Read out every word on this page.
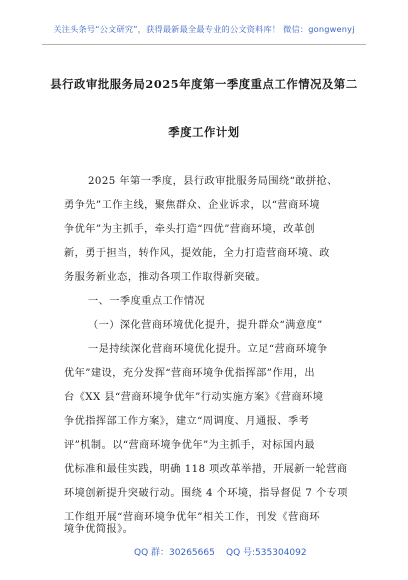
关注头条号“公文研究”，获得最新最全最专业的公文资料库！ 微信：gongwenyj
县行政审批服务局2025年度第一季度重点工作情况及第二
季度工作计划
2025 年第一季度，县行政审批服务局围绕“敢拼抢、
勇争先”工作主线，聚焦群众、企业诉求，以“营商环境
争优年”为主抓手，牵头打造“四优”营商环境，改革创
新，勇于担当，转作风，提效能，全力打造营商环境、政
务服务新业态，推动各项工作取得新突破。
一、一季度重点工作情况
（一）深化营商环境优化提升，提升群众“满意度”
一是持续深化营商环境优化提升。立足“营商环境争
优年”建设，充分发挥“营商环境争优指挥部”作用，出
台《XX 县“营商环境争优年”行动实施方案》《营商环境
争优指挥部工作方案》，建立“周调度、月通报、季考
评”机制。以“营商环境争优年”为主抓手，对标国内最
优标准和最佳实践，明确 118 项改革举措，开展新一轮营商
环境创新提升突破行动。围绕 4 个环境，指导督促 7 个专项
工作组开展“营商环境争优年”相关工作，刊发《营商环
QQ 群：30265665 QQ 号:535304092
境争优简报》。
